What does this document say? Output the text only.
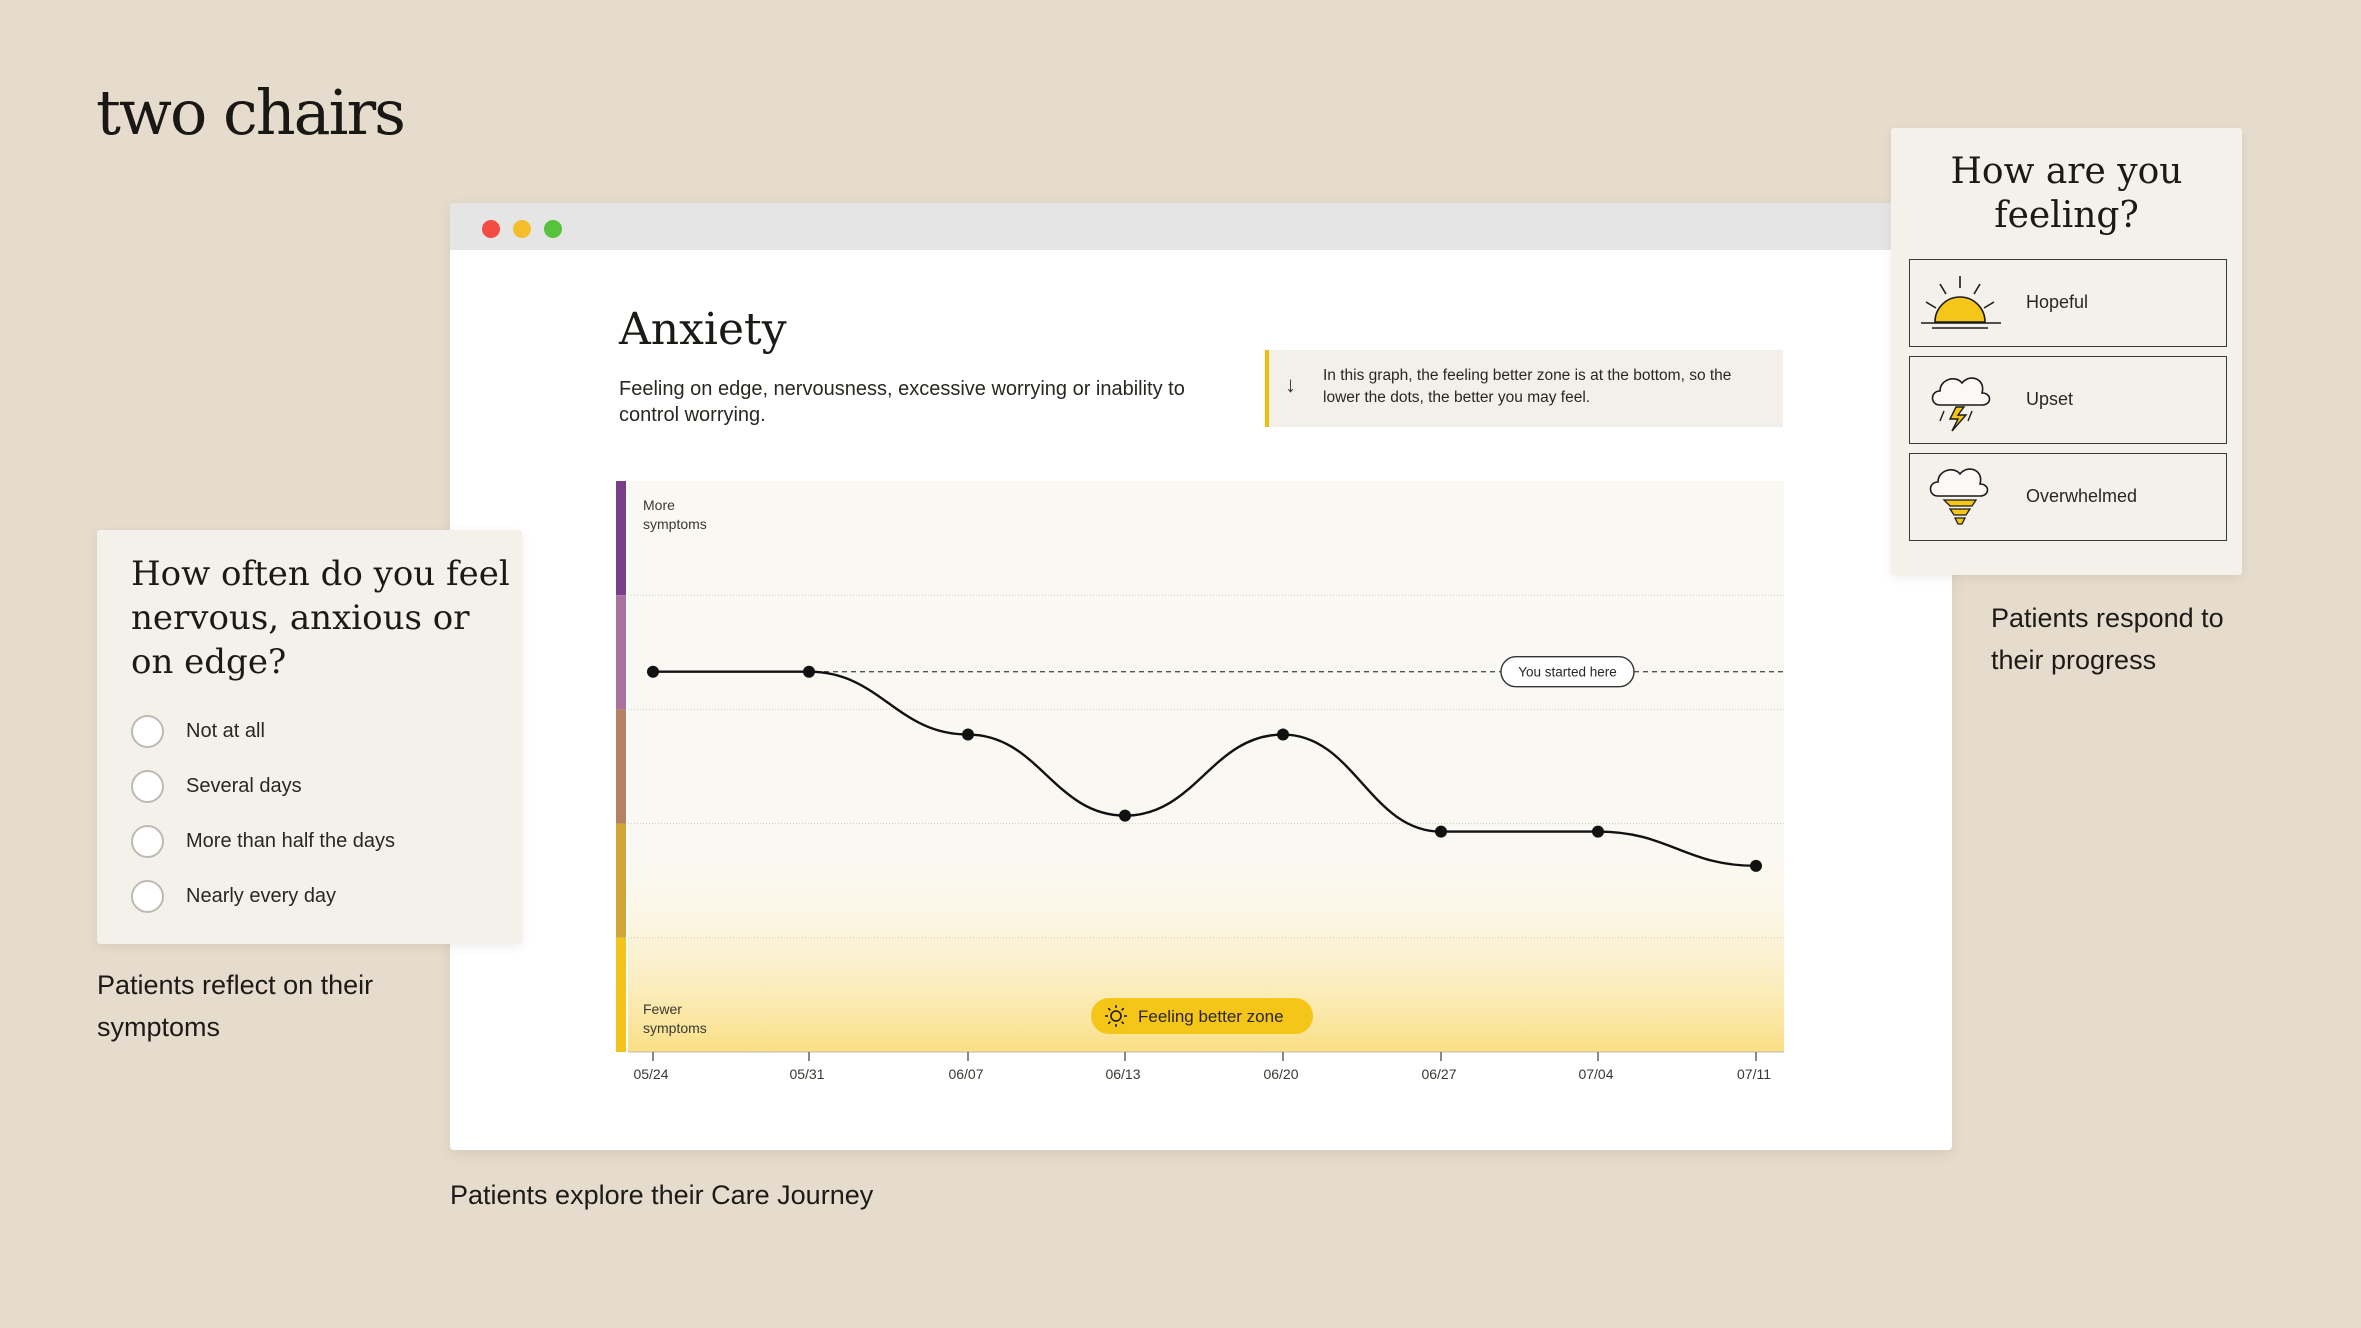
two chairs
Anxiety
Feeling on edge, nervousness, excessive worrying or inability to control worrying.
↓ In this graph, the feeling better zone is at the bottom, so the lower the dots, the better you may feel.
More symptoms
Fewer symptoms
You started here
05/24	05/31	06/07	06/13	06/20	06/27	07/04	07/11
Feeling better zone
How often do you feel nervous, anxious or on edge?
Not at all
Several days
More than half the days
Nearly every day
Patients reflect on their symptoms
How are you feeling?
Hopeful
Upset
Overwhelmed
Patients respond to their progress
Patients explore their Care Journey
